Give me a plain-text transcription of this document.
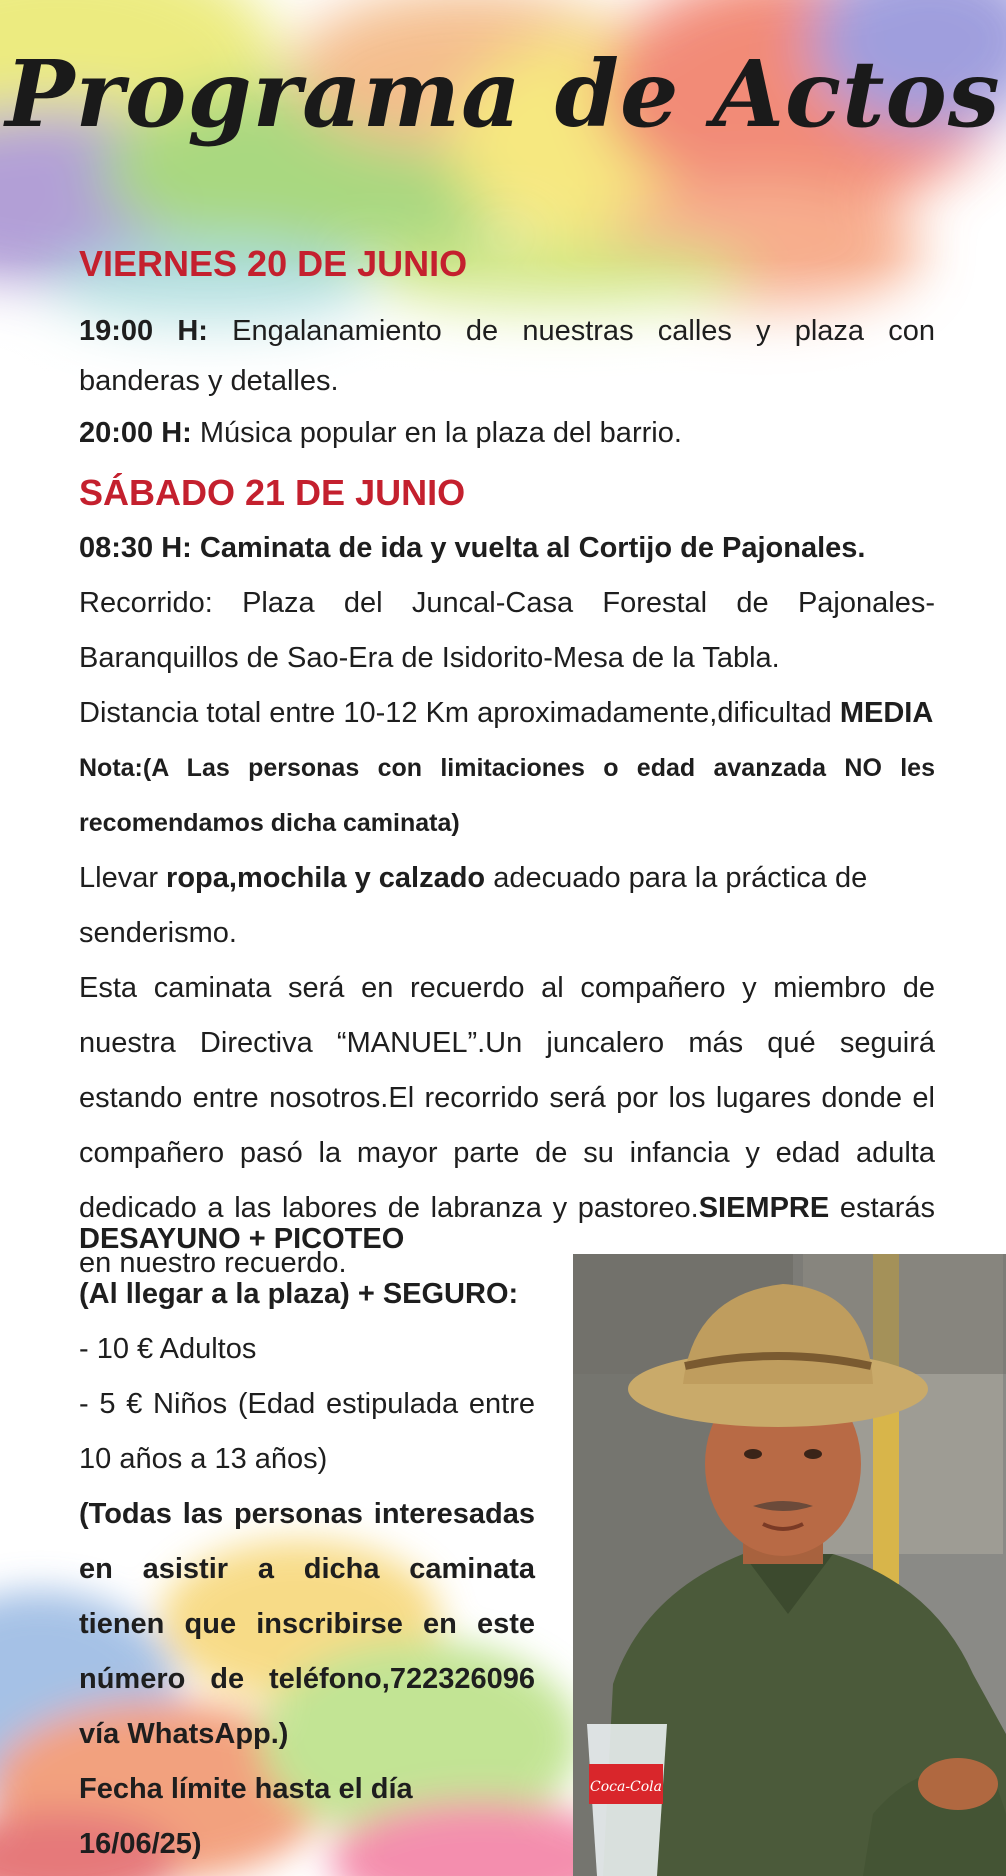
Programa de Actos

VIERNES 20 DE JUNIO

19:00 H: Engalanamiento de nuestras calles y plaza con banderas y detalles.

20:00 H: Música popular en la plaza del barrio.

SÁBADO 21 DE JUNIO

08:30 H: Caminata de ida y vuelta al Cortijo de Pajonales.

Recorrido: Plaza del Juncal-Casa Forestal de Pajonales-Baranquillos de Sao-Era de Isidorito-Mesa de la Tabla.

Distancia total entre 10-12 Km aproximadamente,dificultad MEDIA

Nota:(A Las personas con limitaciones o edad avanzada NO les recomendamos dicha caminata)

Llevar ropa,mochila y calzado adecuado para la práctica de senderismo.

Esta caminata será en recuerdo al compañero y miembro de nuestra Directiva “MANUEL”.Un juncalero más qué seguirá estando entre nosotros.El recorrido será por los lugares donde el compañero pasó la mayor parte de su infancia y edad adulta dedicado a las labores de labranza y pastoreo.SIEMPRE estarás en nuestro recuerdo.

DESAYUNO + PICOTEO

(Al llegar a la plaza) + SEGURO:

- 10 € Adultos

- 5 € Niños (Edad estipulada entre 10 años a 13 años)

(Todas las personas interesadas en asistir a dicha caminata tienen que inscribirse en este número de teléfono,722326096 vía WhatsApp.)

Fecha límite hasta el día 16/06/25)

Coca-Cola
